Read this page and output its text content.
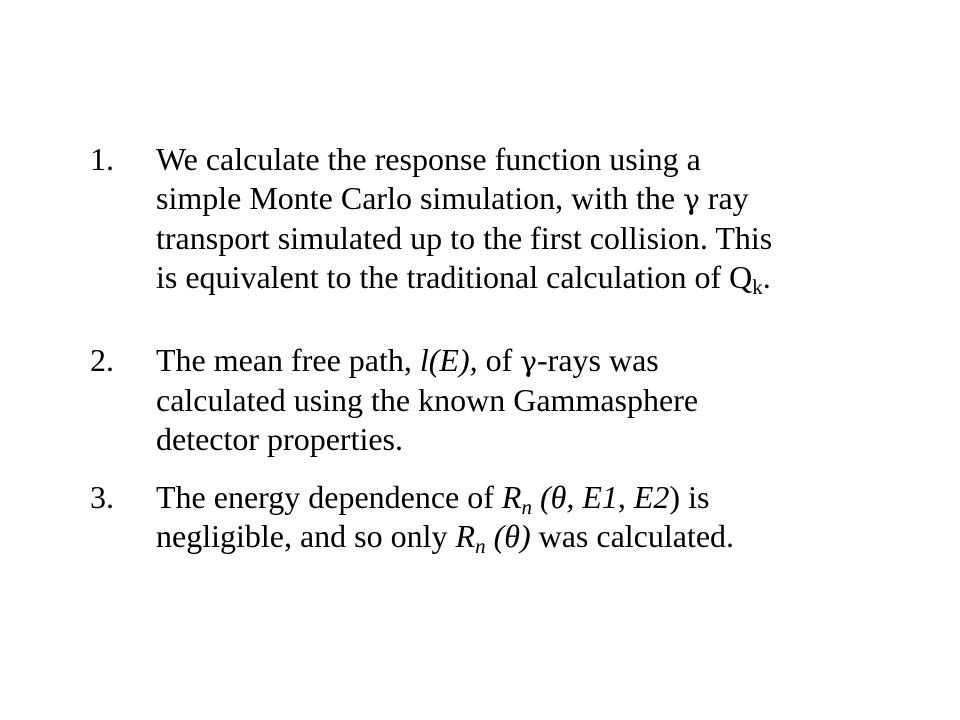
1.	We calculate the response function using a
simple Monte Carlo simulation, with the γ ray
transport simulated up to the first collision. This
is equivalent to the traditional calculation of $Q_k$.
2.	The mean free path, l(E), of γ-rays was
calculated using the known Gammasphere
detector properties.
3.	The energy dependence of $R_n$ (θ, E1, E2) is
negligible, and so only $R_n$ (θ) was calculated.
